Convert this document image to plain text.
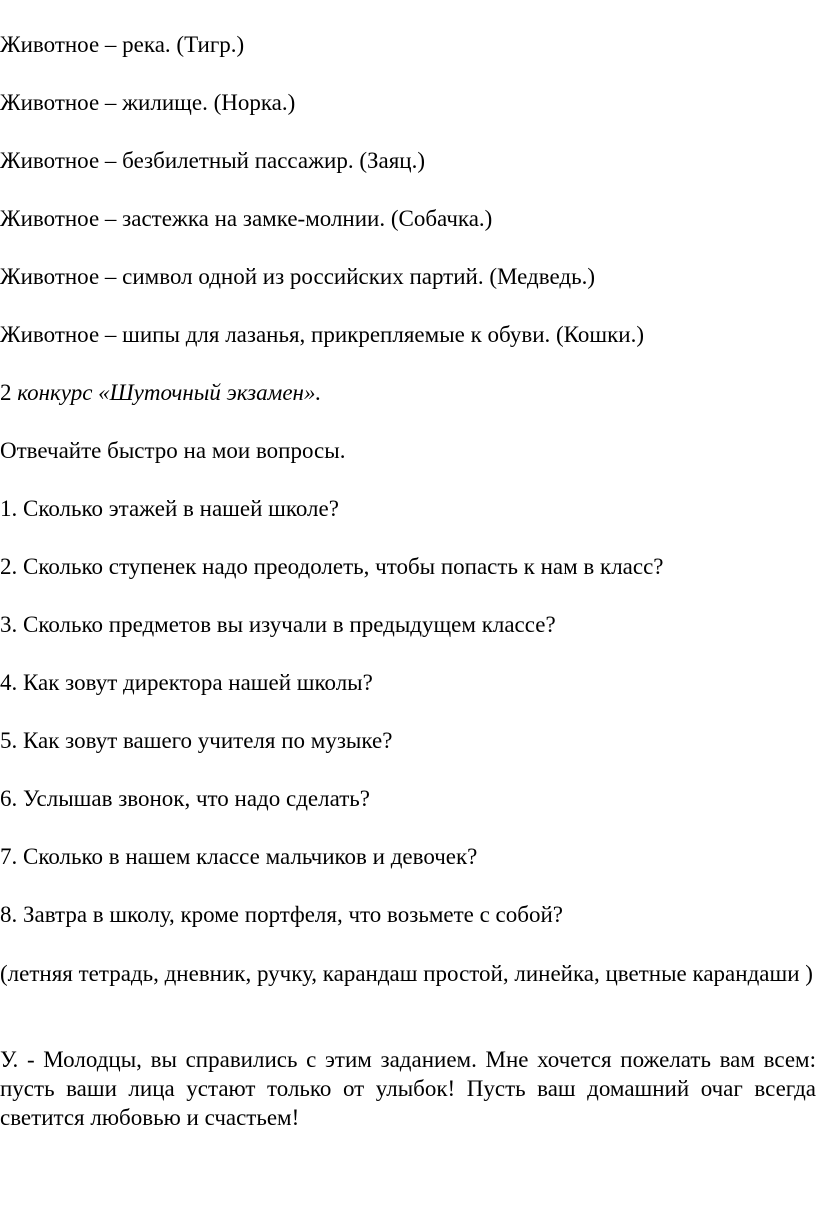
Животное – река. (Тигр.)
Животное – жилище. (Норка.)
Животное – безбилетный пассажир. (Заяц.)
Животное – застежка на замке-молнии. (Собачка.)
Животное – символ одной из российских партий. (Медведь.)
Животное – шипы для лазанья, прикрепляемые к обуви. (Кошки.)
2 конкурс «Шуточный экзамен».
Отвечайте быстро на мои вопросы.
1. Сколько этажей в нашей школе?
2. Сколько ступенек надо преодолеть, чтобы попасть к нам в класс?
3. Сколько предметов вы изучали в предыдущем классе?
4. Как зовут директора нашей школы?
5. Как зовут вашего учителя по музыке?
6. Услышав звонок, что надо сделать?
7. Сколько в нашем классе мальчиков и девочек?
8. Завтра в школу, кроме портфеля, что возьмете с собой?
(летняя тетрадь, дневник, ручку, карандаш простой, линейка, цветные карандаши )
У. - Молодцы, вы справились с этим заданием. Мне хочется пожелать вам всем: пусть ваши лица устают только от улыбок! Пусть ваш домашний очаг всегда светится любовью и счастьем!
